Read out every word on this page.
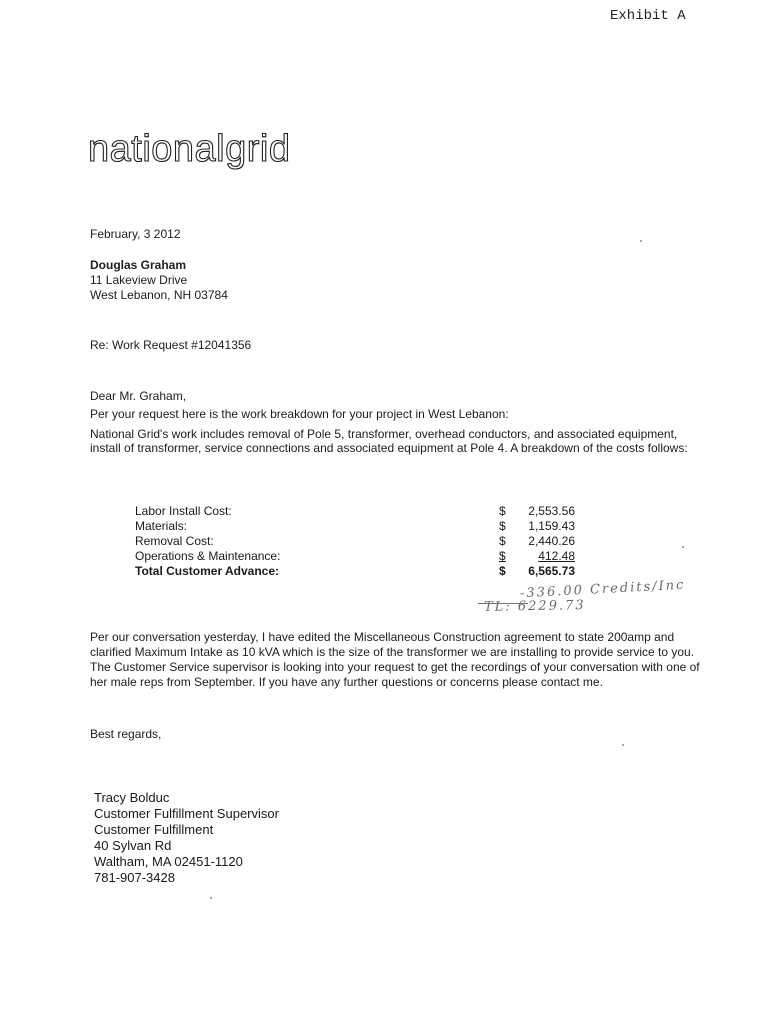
Exhibit A
nationalgrid
February, 3 2012
Douglas Graham
11 Lakeview Drive
West Lebanon, NH 03784
Re: Work Request #12041356
Dear Mr. Graham,
Per your request here is the work breakdown for your project in West Lebanon:
National Grid's work includes removal of Pole 5, transformer, overhead conductors, and associated equipment, install of transformer, service connections and associated equipment at Pole 4. A breakdown of the costs follows:
Labor Install Cost:	$	2,553.56
Materials:	$	1,159.43
Removal Cost:	$	2,440.26
Operations & Maintenance:	$	412.48
Total Customer Advance:	$	6,565.73
-336.00 Credits/Inc
TL: 6229.73
Per our conversation yesterday, I have edited the Miscellaneous Construction agreement to state 200amp and clarified Maximum Intake as 10 kVA which is the size of the transformer we are installing to provide service to you. The Customer Service supervisor is looking into your request to get the recordings of your conversation with one of her male reps from September. If you have any further questions or concerns please contact me.
Best regards,
Tracy Bolduc
Customer Fulfillment Supervisor
Customer Fulfillment
40 Sylvan Rd
Waltham, MA 02451-1120
781-907-3428
